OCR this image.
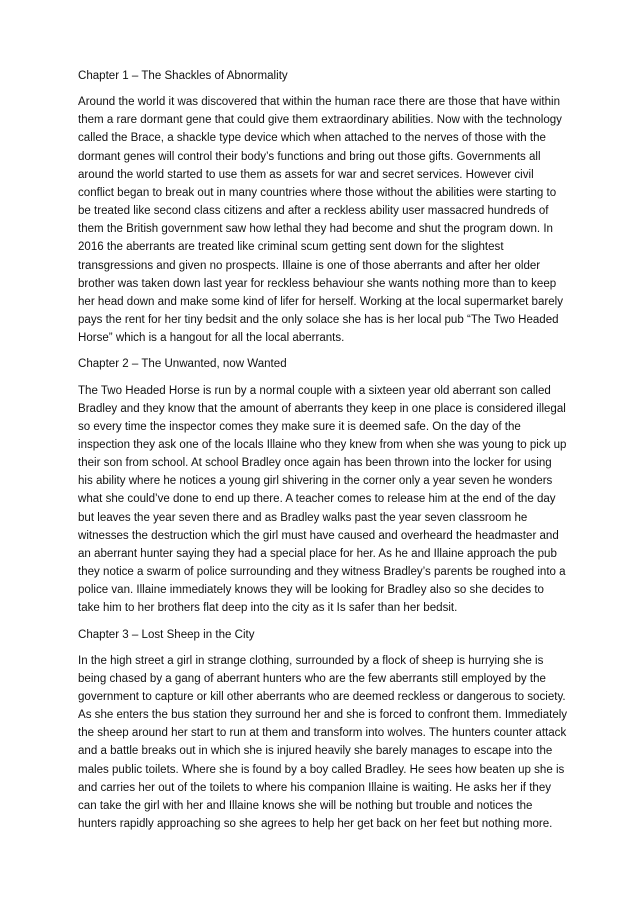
Chapter 1 – The Shackles of Abnormality

Around the world it was discovered that within the human race there are those that have within them a rare dormant gene that could give them extraordinary abilities. Now with the technology called the Brace, a shackle type device which when attached to the nerves of those with the dormant genes will control their body’s functions and bring out those gifts. Governments all around the world started to use them as assets for war and secret services. However civil conflict began to break out in many countries where those without the abilities were starting to be treated like second class citizens and after a reckless ability user massacred hundreds of them the British government saw how lethal they had become and shut the program down. In 2016 the aberrants are treated like criminal scum getting sent down for the slightest transgressions and given no prospects. Illaine is one of those aberrants and after her older brother was taken down last year for reckless behaviour she wants nothing more than to keep her head down and make some kind of lifer for herself. Working at the local supermarket barely pays the rent for her tiny bedsit and the only solace she has is her local pub “The Two Headed Horse” which is a hangout for all the local aberrants.

Chapter 2 – The Unwanted, now Wanted

The Two Headed Horse is run by a normal couple with a sixteen year old aberrant son called Bradley and they know that the amount of aberrants they keep in one place is considered illegal so every time the inspector comes they make sure it is deemed safe. On the day of the inspection they ask one of the locals Illaine who they knew from when she was young to pick up their son from school. At school Bradley once again has been thrown into the locker for using his ability where he notices a young girl shivering in the corner only a year seven he wonders what she could’ve done to end up there. A teacher comes to release him at the end of the day but leaves the year seven there and as Bradley walks past the year seven classroom he witnesses the destruction which the girl must have caused and overheard the headmaster and an aberrant hunter saying they had a special place for her. As he and Illaine approach the pub they notice a swarm of police surrounding and they witness Bradley’s parents be roughed into a police van. Illaine immediately knows they will be looking for Bradley also so she decides to take him to her brothers flat deep into the city as it Is safer than her bedsit.

Chapter 3 – Lost Sheep in the City

In the high street a girl in strange clothing, surrounded by a flock of sheep is hurrying she is being chased by a gang of aberrant hunters who are the few aberrants still employed by the government to capture or kill other aberrants who are deemed reckless or dangerous to society. As she enters the bus station they surround her and she is forced to confront them. Immediately the sheep around her start to run at them and transform into wolves. The hunters counter attack and a battle breaks out in which she is injured heavily she barely manages to escape into the males public toilets. Where she is found by a boy called Bradley. He sees how beaten up she is and carries her out of the toilets to where his companion Illaine is waiting. He asks her if they can take the girl with her and Illaine knows she will be nothing but trouble and notices the hunters rapidly approaching so she agrees to help her get back on her feet but nothing more.
